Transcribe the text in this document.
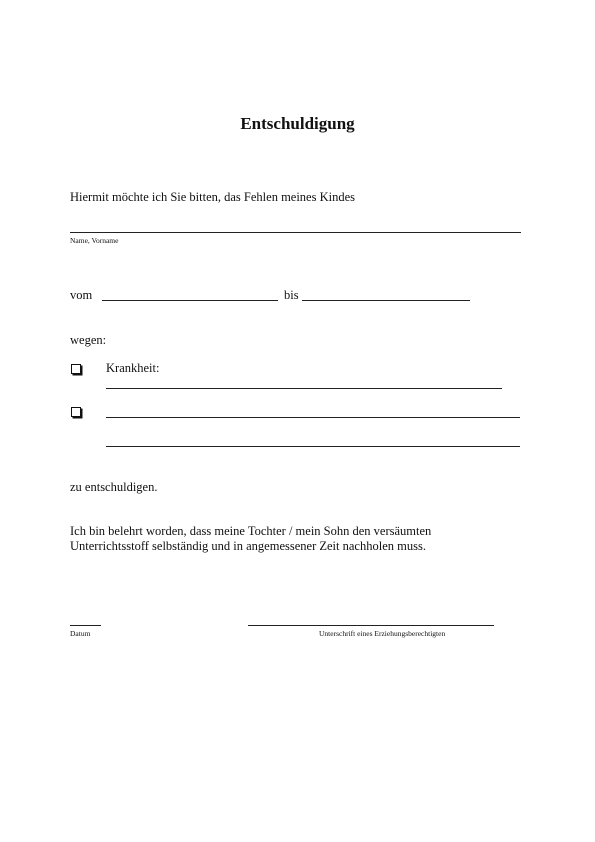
Entschuldigung
Hiermit möchte ich Sie bitten, das Fehlen meines Kindes
Name, Vorname
vom	bis
wegen:
Krankheit:
zu entschuldigen.
Ich bin belehrt worden, dass meine Tochter / mein Sohn den versäumten
Unterrichtsstoff selbständig und in angemessener Zeit nachholen muss.
Datum	Unterschrift eines Erziehungsberechtigten
